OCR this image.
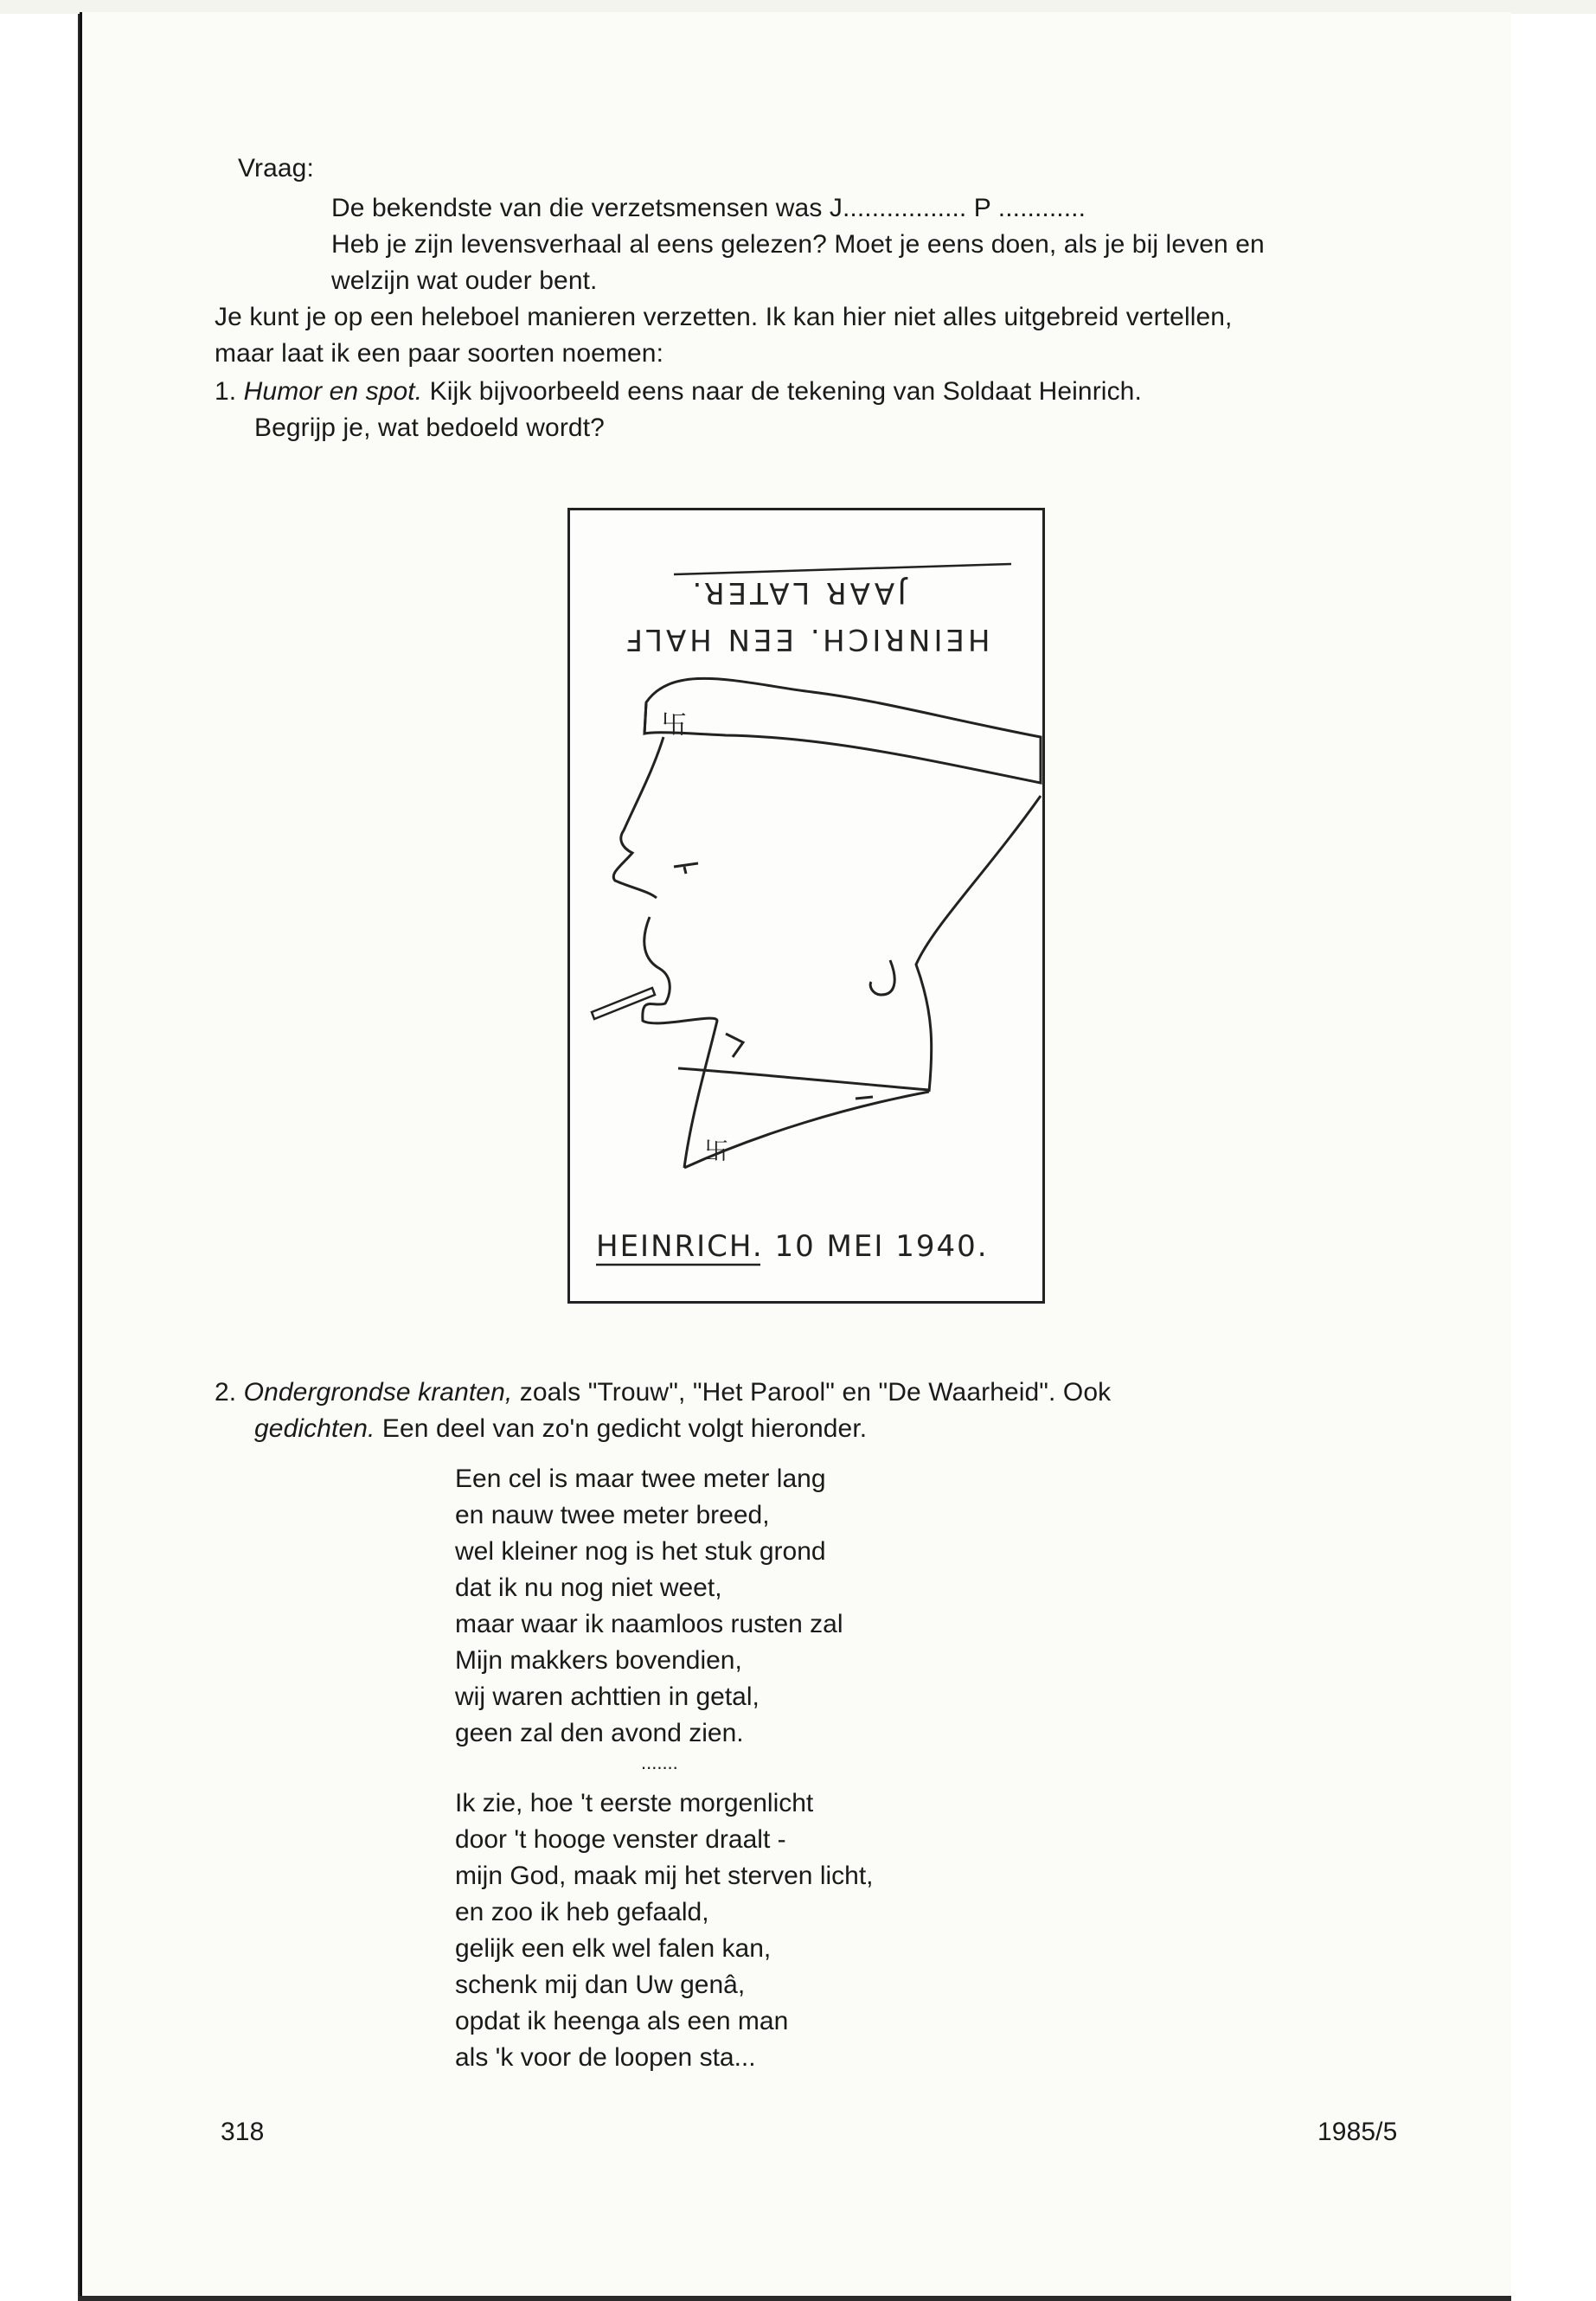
Vraag:
De bekendste van die verzetsmensen was J................. P ............
Heb je zijn levensverhaal al eens gelezen? Moet je eens doen, als je bij leven en
welzijn wat ouder bent.
Je kunt je op een heleboel manieren verzetten. Ik kan hier niet alles uitgebreid vertellen,
maar laat ik een paar soorten noemen:
1. Humor en spot. Kijk bijvoorbeeld eens naar de tekening van Soldaat Heinrich.
Begrijp je, wat bedoeld wordt?
HEINRICH. EEN HALF
JAAR LATER.
卐
卐
HEINRICH. 10 MEI 1940.
2. Ondergrondse kranten, zoals "Trouw", "Het Parool" en "De Waarheid". Ook
gedichten. Een deel van zo'n gedicht volgt hieronder.
Een cel is maar twee meter lang
en nauw twee meter breed,
wel kleiner nog is het stuk grond
dat ik nu nog niet weet,
maar waar ik naamloos rusten zal
Mijn makkers bovendien,
wij waren achttien in getal,
geen zal den avond zien.
.......
Ik zie, hoe 't eerste morgenlicht
door 't hooge venster draalt -
mijn God, maak mij het sterven licht,
en zoo ik heb gefaald,
gelijk een elk wel falen kan,
schenk mij dan Uw genâ,
opdat ik heenga als een man
als 'k voor de loopen sta...
318	1985/5
